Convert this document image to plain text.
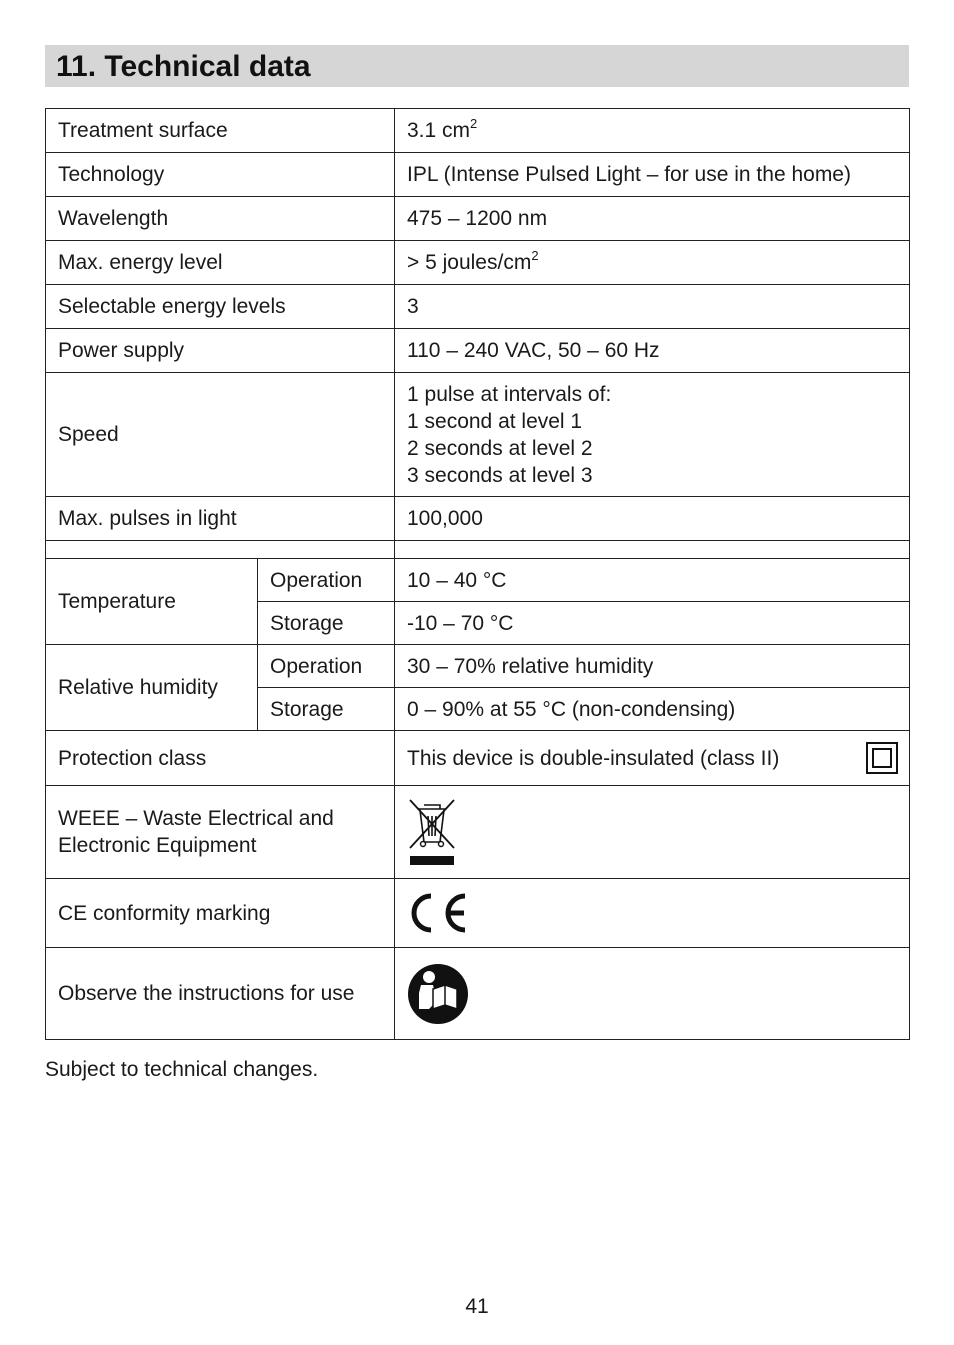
11. Technical data
Treatment surface		3.1 $cm^2$
Technology		IPL (Intense Pulsed Light – for use in the home)
Wavelength		475 – 1200 nm
Max. energy level		> 5 joules/$cm^2$
Selectable energy levels		3
Power supply		110 – 240 VAC, 50 – 60 Hz
Speed		1 pulse at intervals of:
1 second at level 1
2 seconds at level 2
3 seconds at level 3

Max. pulses in light		100,000

Temperature	Operation	10 – 40 °C
	Storage	-10 – 70 °C
Relative humidity	Operation	30 – 70% relative humidity
	Storage	0 – 90% at 55 °C (non-condensing)
Protection class		This device is double-insulated (class II)

WEEE – Waste Electrical and
Electronic Equipment

CE conformity marking	

Observe the instructions for use	
Subject to technical changes.
41
